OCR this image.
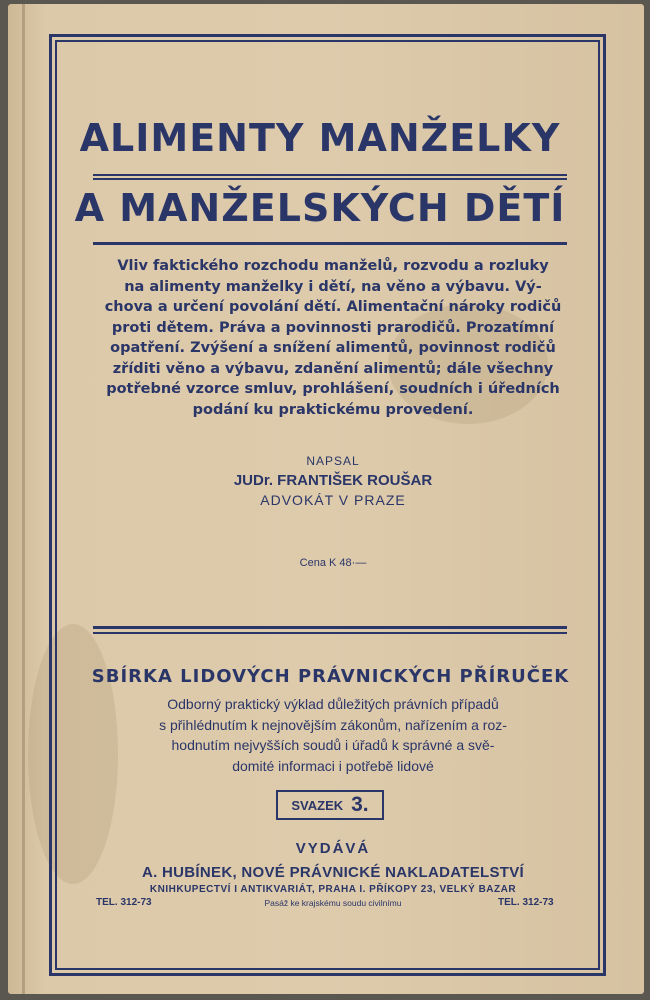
ALIMENTY MANŽELKY
A MANŽELSKÝCH DĚTÍ
Vliv faktického rozchodu manželů, rozvodu a rozluky
na alimenty manželky i dětí, na věno a výbavu. Vý-
chova a určení povolání dětí. Alimentační nároky rodičů
proti dětem. Práva a povinnosti prarodičů. Prozatímní
opatření. Zvýšení a snížení alimentů, povinnost rodičů
zříditi věno a výbavu, zdanění alimentů; dále všechny
potřebné vzorce smluv, prohlášení, soudních i úředních
podání ku praktickému provedení.
NAPSAL
JUDr. FRANTIŠEK ROUŠAR
ADVOKÁT V PRAZE
Cena K 48·—
SBÍRKA LIDOVÝCH PRÁVNICKÝCH PŘÍRUČEK
Odborný praktický výklad důležitých právních případů
s přihlédnutím k nejnovějším zákonům, nařízením a roz-
hodnutím nejvyšších soudů i úřadů k správné a svě-
domité informaci i potřebě lidové
SVAZEK 3.
VYDÁVÁ
A. HUBÍNEK, NOVÉ PRÁVNICKÉ NAKLADATELSTVÍ
KNIHKUPECTVÍ I ANTIKVARIÁT, PRAHA I. PŘÍKOPY 23, VELKÝ BAZAR
TEL. 312-73	Pasáž ke krajskému soudu civilnímu	TEL. 312-73
